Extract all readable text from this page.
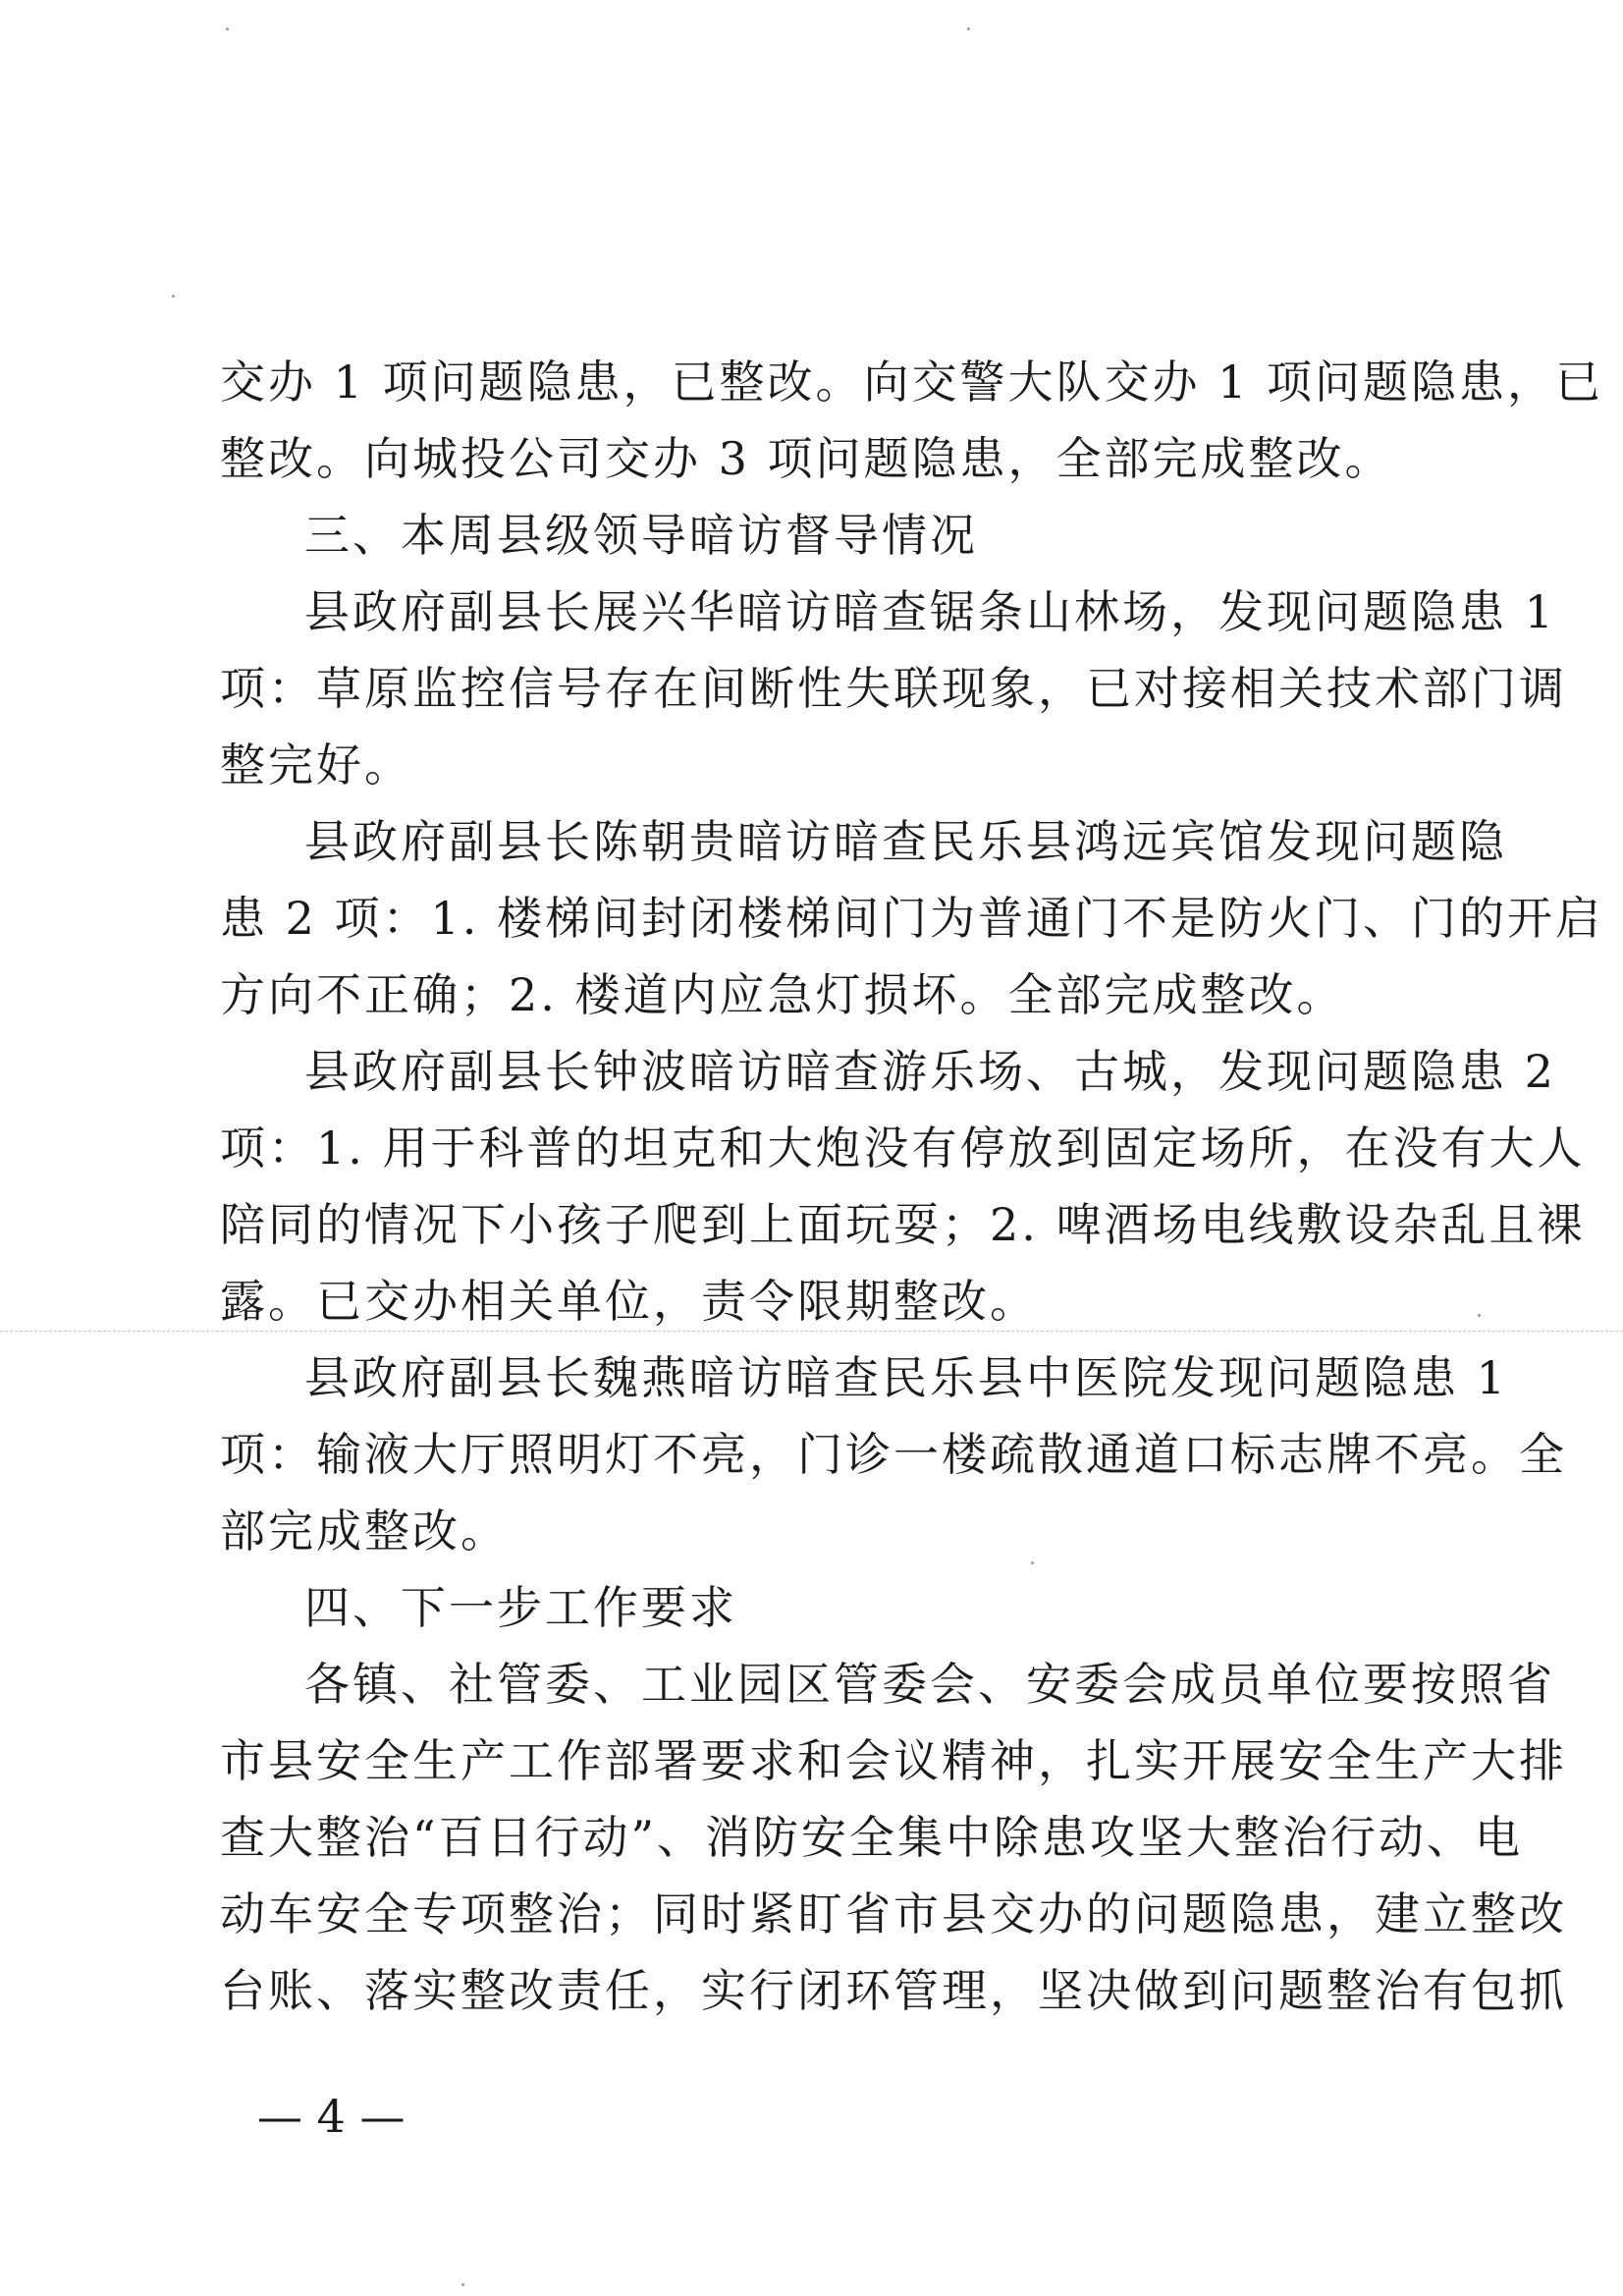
交办 1 项问题隐患，已整改。向交警大队交办 1 项问题隐患，已
整改。向城投公司交办 3 项问题隐患，全部完成整改。
三、本周县级领导暗访督导情况
县政府副县长展兴华暗访暗查锯条山林场，发现问题隐患 1
项：草原监控信号存在间断性失联现象，已对接相关技术部门调
整完好。
县政府副县长陈朝贵暗访暗查民乐县鸿远宾馆发现问题隐
患 2 项：1. 楼梯间封闭楼梯间门为普通门不是防火门、门的开启
方向不正确；2. 楼道内应急灯损坏。全部完成整改。
县政府副县长钟波暗访暗查游乐场、古城，发现问题隐患 2
项：1. 用于科普的坦克和大炮没有停放到固定场所，在没有大人
陪同的情况下小孩子爬到上面玩耍；2. 啤酒场电线敷设杂乱且裸
露。已交办相关单位，责令限期整改。
县政府副县长魏燕暗访暗查民乐县中医院发现问题隐患 1
项：输液大厅照明灯不亮，门诊一楼疏散通道口标志牌不亮。全
部完成整改。
四、下一步工作要求
各镇、社管委、工业园区管委会、安委会成员单位要按照省
市县安全生产工作部署要求和会议精神，扎实开展安全生产大排
查大整治“百日行动”、消防安全集中除患攻坚大整治行动、电
动车安全专项整治；同时紧盯省市县交办的问题隐患，建立整改
台账、落实整改责任，实行闭环管理，坚决做到问题整治有包抓
— 4 —
